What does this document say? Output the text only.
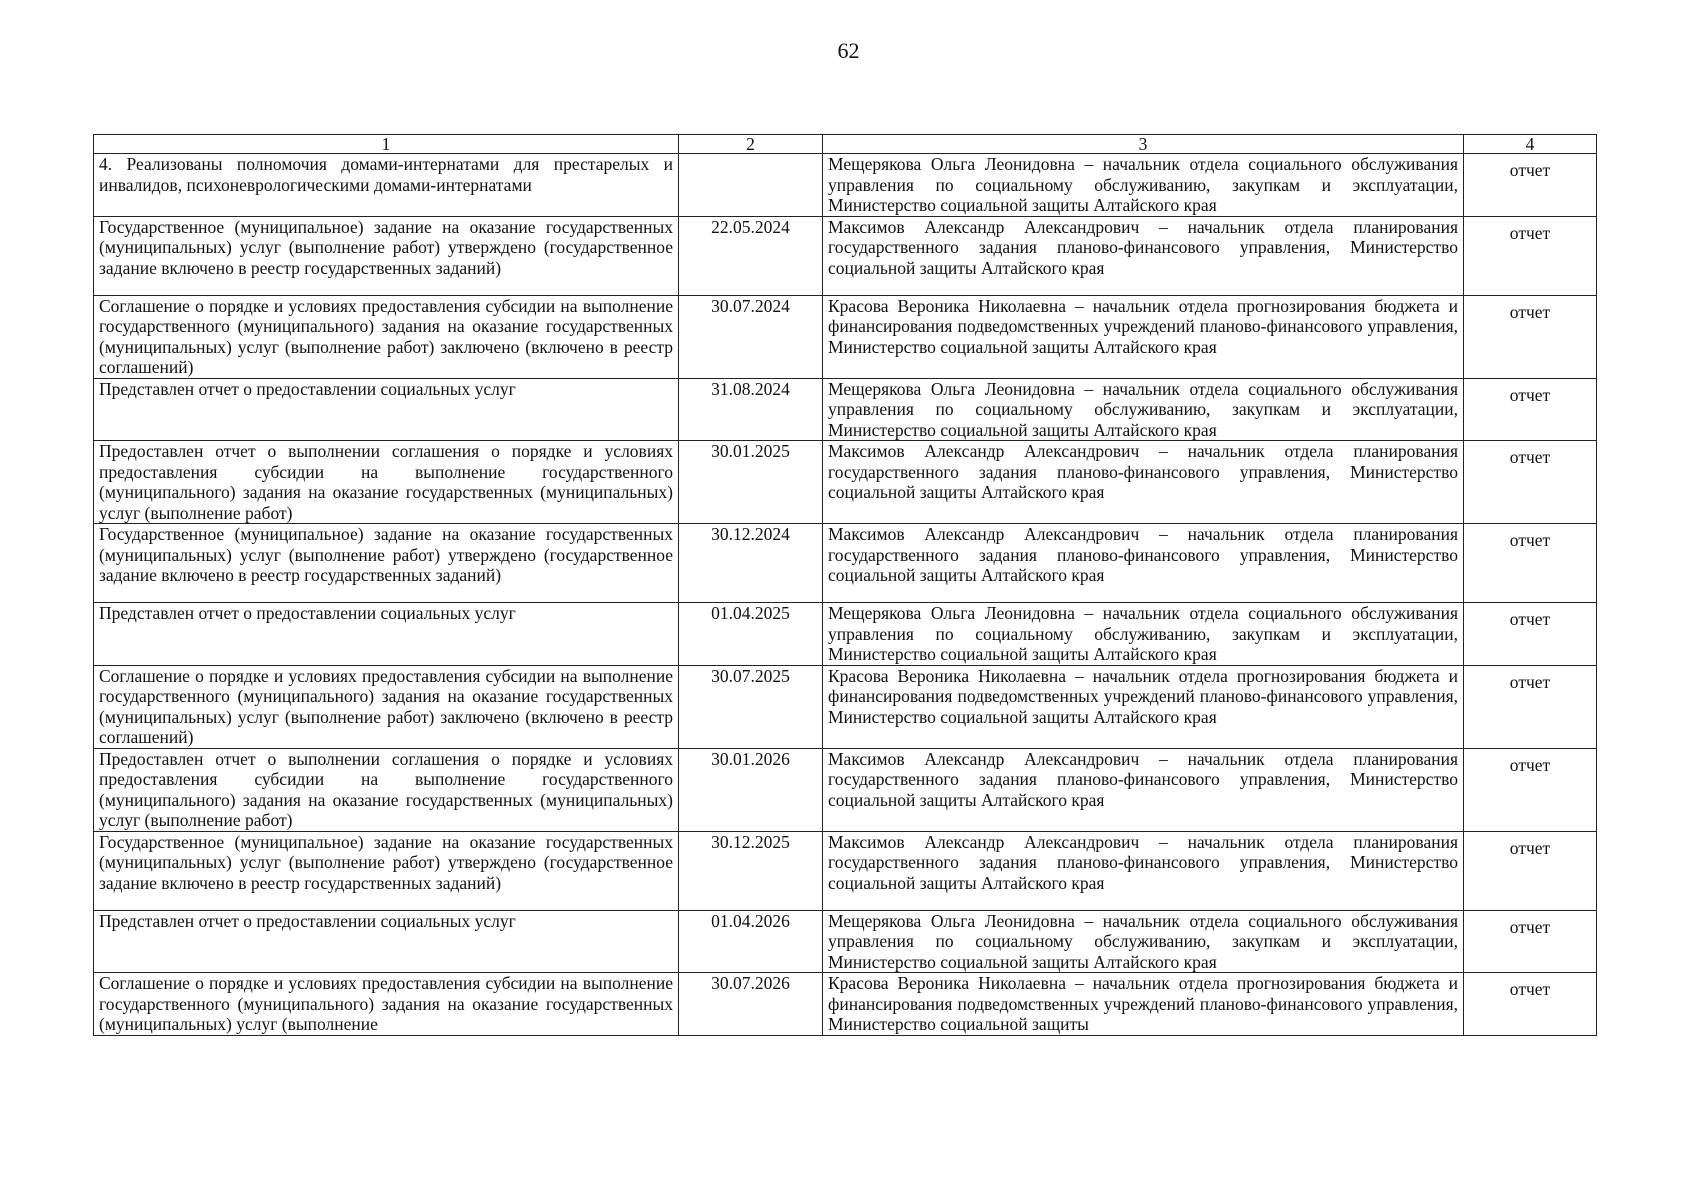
62
1	2	3	4

4. Реализованы полномочия домами-интернатами для престарелых и инвалидов, психоневрологическими домами-интернатами		Мещерякова Ольга Леонидовна – начальник отдела социального обслуживания управления по социальному обслуживанию, закупкам и эксплуатации, Министерство социальной защиты Алтайского края	отчет

Государственное (муниципальное) задание на оказание государственных (муниципальных) услуг (выполнение работ) утверждено (государственное задание включено в реестр государственных заданий)	22.05.2024	Максимов Александр Александрович – начальник отдела планирования государственного задания планово-финансового управления, Министерство социальной защиты Алтайского края	отчет

Соглашение о порядке и условиях предоставления субсидии на выполнение государственного (муниципального) задания на оказание государственных (муниципальных) услуг (выполнение работ) заключено (включено в реестр соглашений)	30.07.2024	Красова Вероника Николаевна – начальник отдела прогнозирования бюджета и финансирования подведомственных учреждений планово-финансового управления, Министерство социальной защиты Алтайского края	отчет

Представлен отчет о предоставлении социальных услуг	31.08.2024	Мещерякова Ольга Леонидовна – начальник отдела социального обслуживания управления по социальному обслуживанию, закупкам и эксплуатации, Министерство социальной защиты Алтайского края	отчет

Предоставлен отчет о выполнении соглашения о порядке и условиях предоставления субсидии на выполнение государственного (муниципального) задания на оказание государственных (муниципальных) услуг (выполнение работ)	30.01.2025	Максимов Александр Александрович – начальник отдела планирования государственного задания планово-финансового управления, Министерство социальной защиты Алтайского края	отчет

Государственное (муниципальное) задание на оказание государственных (муниципальных) услуг (выполнение работ) утверждено (государственное задание включено в реестр государственных заданий)	30.12.2024	Максимов Александр Александрович – начальник отдела планирования государственного задания планово-финансового управления, Министерство социальной защиты Алтайского края	отчет

Представлен отчет о предоставлении социальных услуг	01.04.2025	Мещерякова Ольга Леонидовна – начальник отдела социального обслуживания управления по социальному обслуживанию, закупкам и эксплуатации, Министерство социальной защиты Алтайского края	отчет

Соглашение о порядке и условиях предоставления субсидии на выполнение государственного (муниципального) задания на оказание государственных (муниципальных) услуг (выполнение работ) заключено (включено в реестр соглашений)	30.07.2025	Красова Вероника Николаевна – начальник отдела прогнозирования бюджета и финансирования подведомственных учреждений планово-финансового управления, Министерство социальной защиты Алтайского края	отчет

Предоставлен отчет о выполнении соглашения о порядке и условиях предоставления субсидии на выполнение государственного (муниципального) задания на оказание государственных (муниципальных) услуг (выполнение работ)	30.01.2026	Максимов Александр Александрович – начальник отдела планирования государственного задания планово-финансового управления, Министерство социальной защиты Алтайского края	отчет

Государственное (муниципальное) задание на оказание государственных (муниципальных) услуг (выполнение работ) утверждено (государственное задание включено в реестр государственных заданий)	30.12.2025	Максимов Александр Александрович – начальник отдела планирования государственного задания планово-финансового управления, Министерство социальной защиты Алтайского края	отчет

Представлен отчет о предоставлении социальных услуг	01.04.2026	Мещерякова Ольга Леонидовна – начальник отдела социального обслуживания управления по социальному обслуживанию, закупкам и эксплуатации, Министерство социальной защиты Алтайского края	отчет

Соглашение о порядке и условиях предоставления субсидии на выполнение государственного (муниципального) задания на оказание государственных (муниципальных) услуг (выполнение	30.07.2026	Красова Вероника Николаевна – начальник отдела прогнозирования бюджета и финансирования подведомственных учреждений планово-финансового управления, Министерство социальной защиты	отчет
